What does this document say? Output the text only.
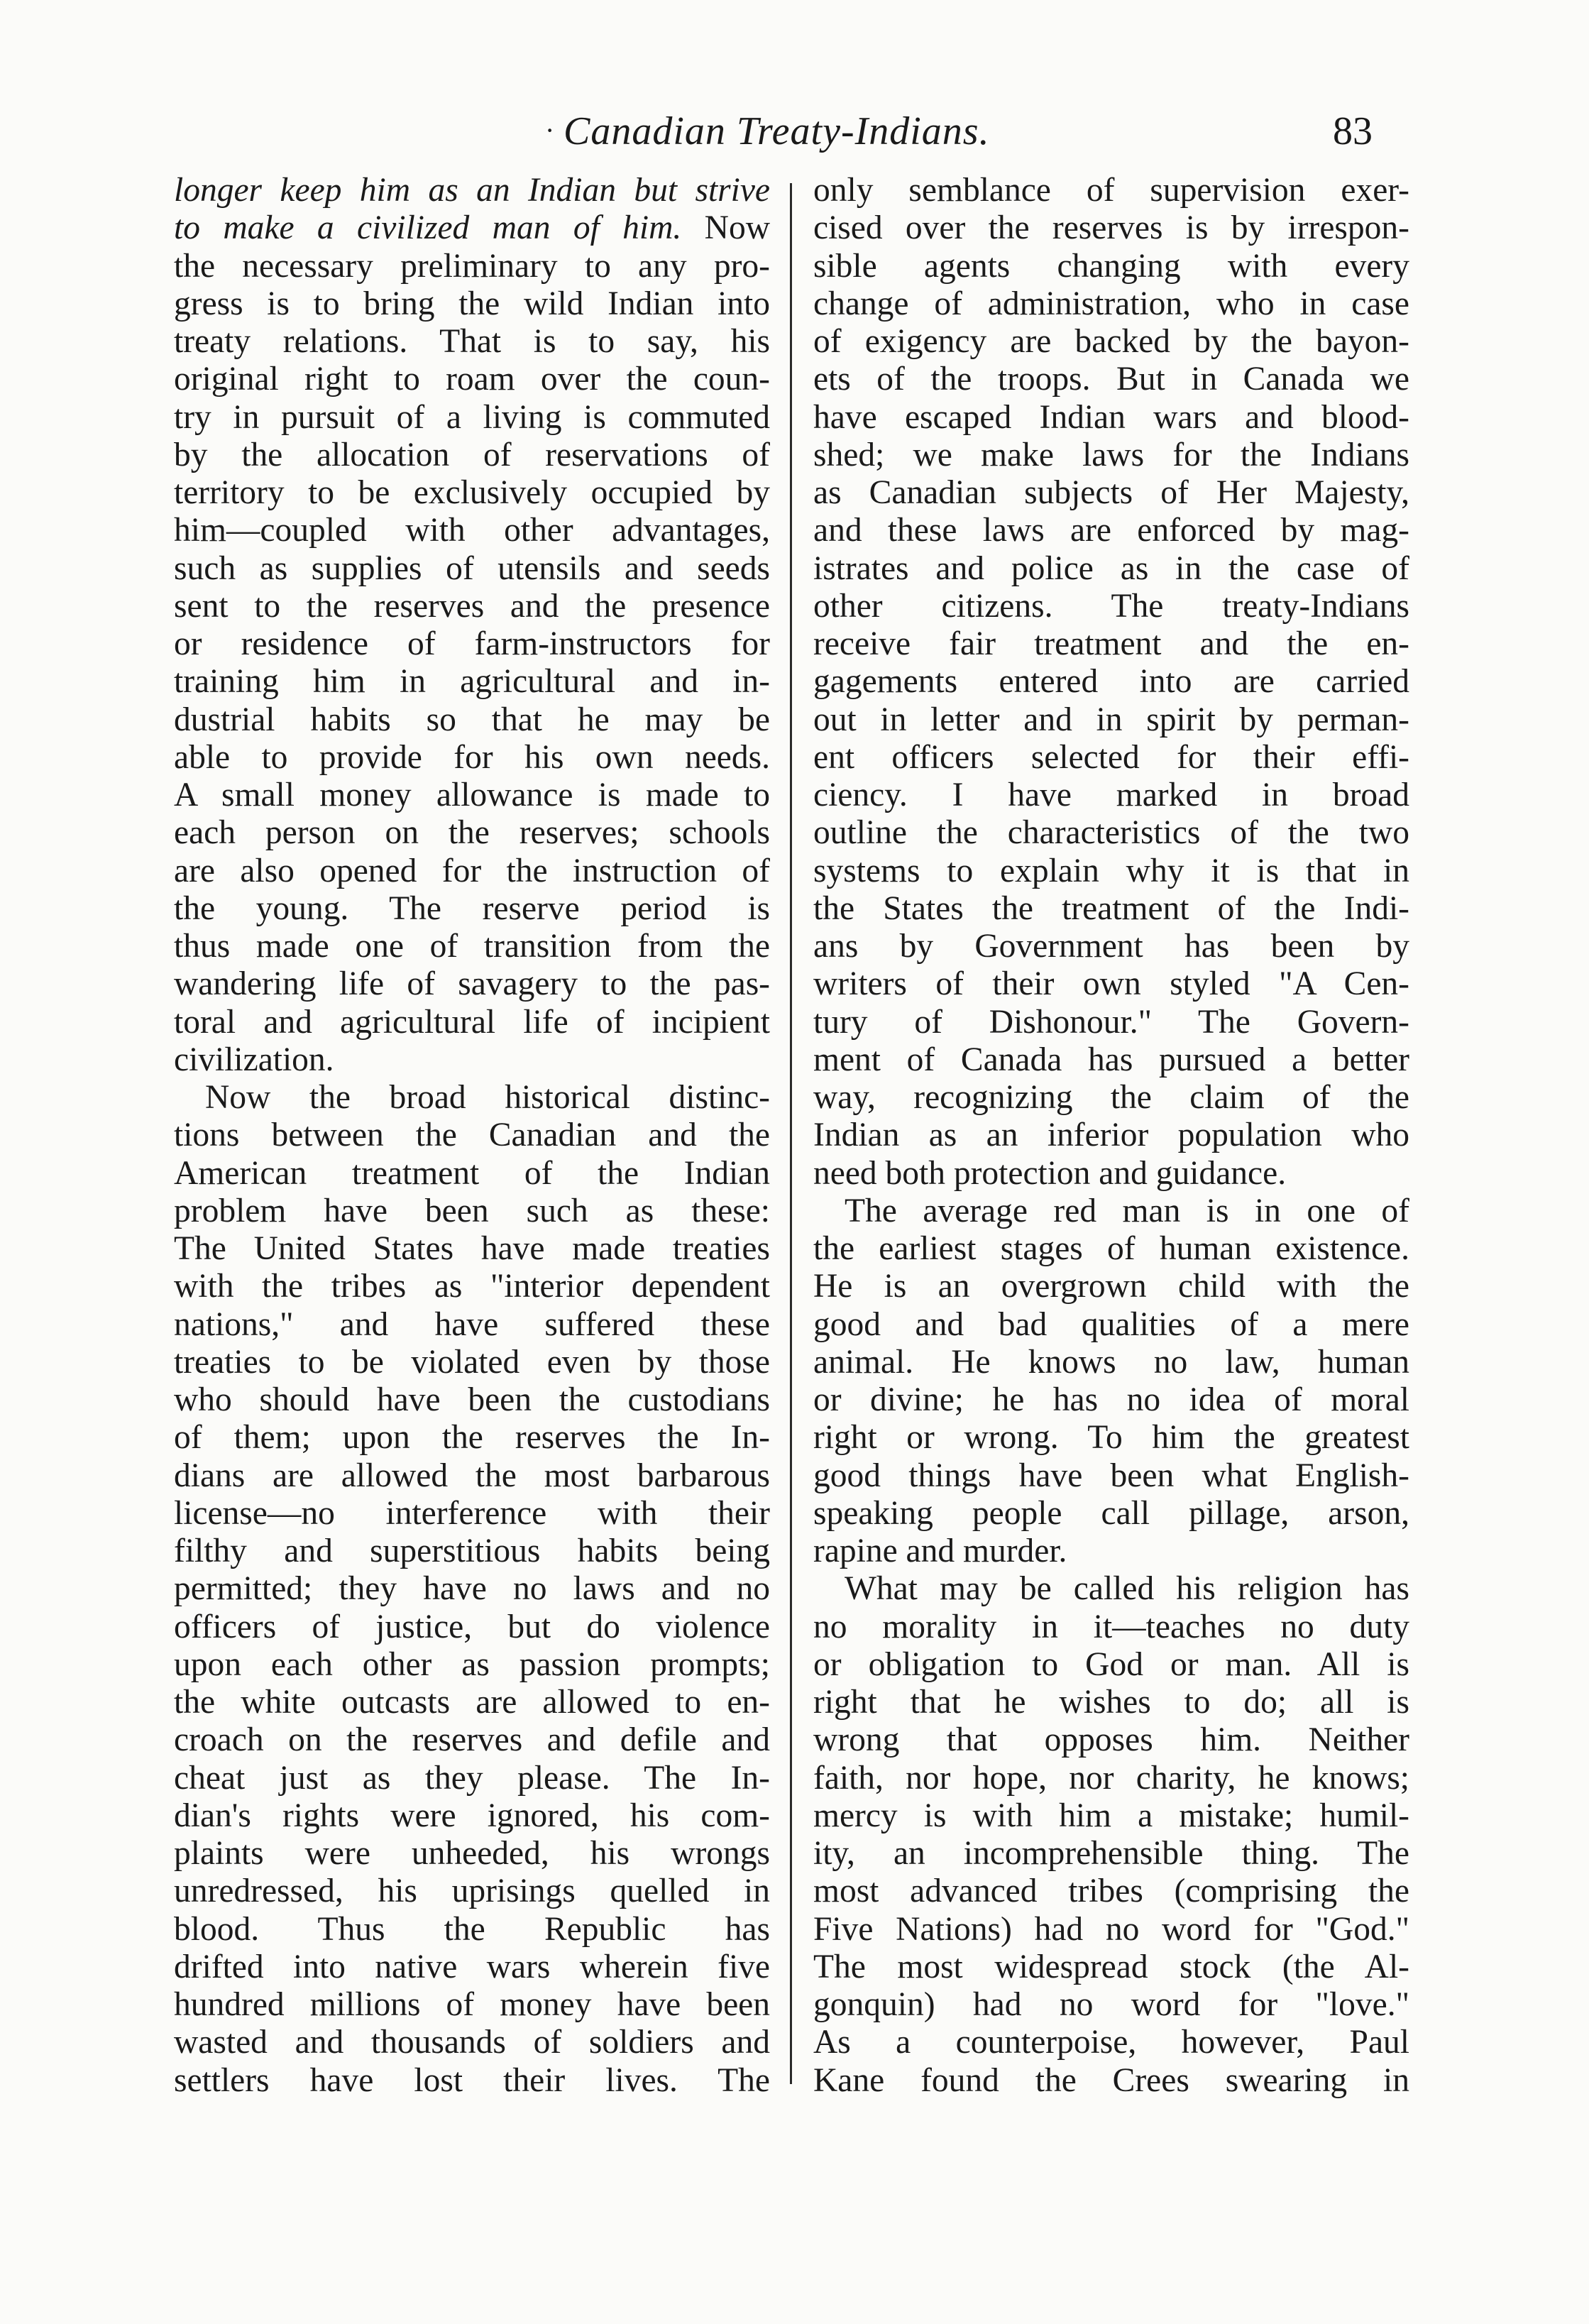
· Canadian Treaty-Indians.	83
longer keep him as an Indian but strive
to make a civilized man of him. Now
the necessary preliminary to any pro-
gress is to bring the wild Indian into
treaty relations. That is to say, his
original right to roam over the coun-
try in pursuit of a living is commuted
by the allocation of reservations of
territory to be exclusively occupied by
him—coupled with other advantages,
such as supplies of utensils and seeds
sent to the reserves and the presence
or residence of farm-instructors for
training him in agricultural and in-
dustrial habits so that he may be
able to provide for his own needs.
A small money allowance is made to
each person on the reserves; schools
are also opened for the instruction of
the young. The reserve period is
thus made one of transition from the
wandering life of savagery to the pas-
toral and agricultural life of incipient
civilization.
Now the broad historical distinc-
tions between the Canadian and the
American treatment of the Indian
problem have been such as these:
The United States have made treaties
with the tribes as "interior dependent
nations," and have suffered these
treaties to be violated even by those
who should have been the custodians
of them; upon the reserves the In-
dians are allowed the most barbarous
license—no interference with their
filthy and superstitious habits being
permitted; they have no laws and no
officers of justice, but do violence
upon each other as passion prompts;
the white outcasts are allowed to en-
croach on the reserves and defile and
cheat just as they please. The In-
dian's rights were ignored, his com-
plaints were unheeded, his wrongs
unredressed, his uprisings quelled in
blood. Thus the Republic has
drifted into native wars wherein five
hundred millions of money have been
wasted and thousands of soldiers and
settlers have lost their lives. The
only semblance of supervision exer-
cised over the reserves is by irrespon-
sible agents changing with every
change of administration, who in case
of exigency are backed by the bayon-
ets of the troops. But in Canada we
have escaped Indian wars and blood-
shed; we make laws for the Indians
as Canadian subjects of Her Majesty,
and these laws are enforced by mag-
istrates and police as in the case of
other citizens. The treaty-Indians
receive fair treatment and the en-
gagements entered into are carried
out in letter and in spirit by perman-
ent officers selected for their effi-
ciency. I have marked in broad
outline the characteristics of the two
systems to explain why it is that in
the States the treatment of the Indi-
ans by Government has been by
writers of their own styled "A Cen-
tury of Dishonour." The Govern-
ment of Canada has pursued a better
way, recognizing the claim of the
Indian as an inferior population who
need both protection and guidance.
The average red man is in one of
the earliest stages of human existence.
He is an overgrown child with the
good and bad qualities of a mere
animal. He knows no law, human
or divine; he has no idea of moral
right or wrong. To him the greatest
good things have been what English-
speaking people call pillage, arson,
rapine and murder.
What may be called his religion has
no morality in it—teaches no duty
or obligation to God or man. All is
right that he wishes to do; all is
wrong that opposes him. Neither
faith, nor hope, nor charity, he knows;
mercy is with him a mistake; humil-
ity, an incomprehensible thing. The
most advanced tribes (comprising the
Five Nations) had no word for "God."
The most widespread stock (the Al-
gonquin) had no word for "love."
As a counterpoise, however, Paul
Kane found the Crees swearing in
